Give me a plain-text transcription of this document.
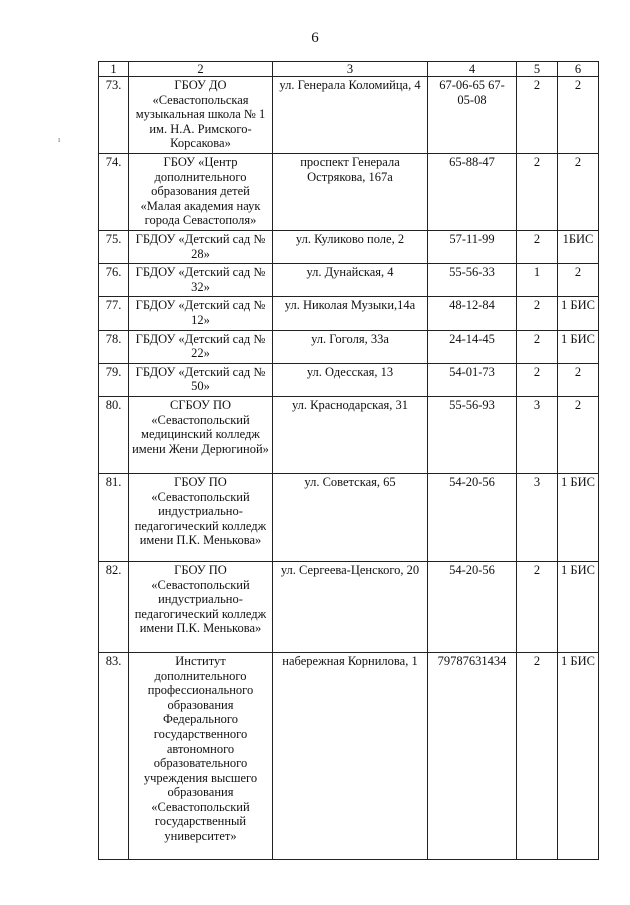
6
ı
1	2	3	4	5	6
73.	ГБОУ ДО «Севастопольская музыкальная школа № 1 им. Н.А. Римского-Корсакова»	ул. Генерала Коломийца, 4	67-06-65 67-05-08	2	2
74.	ГБОУ «Центр дополнительного образования детей «Малая академия наук города Севастополя»	проспект Генерала Острякова, 167а	65-88-47	2	2
75.	ГБДОУ «Детский сад № 28»	ул. Куликово поле, 2	57-11-99	2	1БИС
76.	ГБДОУ «Детский сад № 32»	ул. Дунайская, 4	55-56-33	1	2
77.	ГБДОУ «Детский сад № 12»	ул. Николая Музыки,14а	48-12-84	2	1 БИС
78.	ГБДОУ «Детский сад № 22»	ул. Гоголя, 33а	24-14-45	2	1 БИС
79.	ГБДОУ «Детский сад № 50»	ул. Одесская, 13	54-01-73	2	2
80.	СГБОУ ПО «Севастопольский медицинский колледж имени Жени Дерюгиной»	ул. Краснодарская, 31	55-56-93	3	2
81.	ГБОУ ПО «Севастопольский индустриально-педагогический колледж имени П.К. Менькова»	ул. Советская, 65	54-20-56	3	1 БИС
82.	ГБОУ ПО «Севастопольский индустриально-педагогический колледж имени П.К. Менькова»	ул. Сергеева-Ценского, 20	54-20-56	2	1 БИС
83.	Институт дополнительного профессионального образования Федерального государственного автономного образовательного учреждения высшего образования «Севастопольский государственный университет»	набережная Корнилова, 1	79787631434	2	1 БИС
